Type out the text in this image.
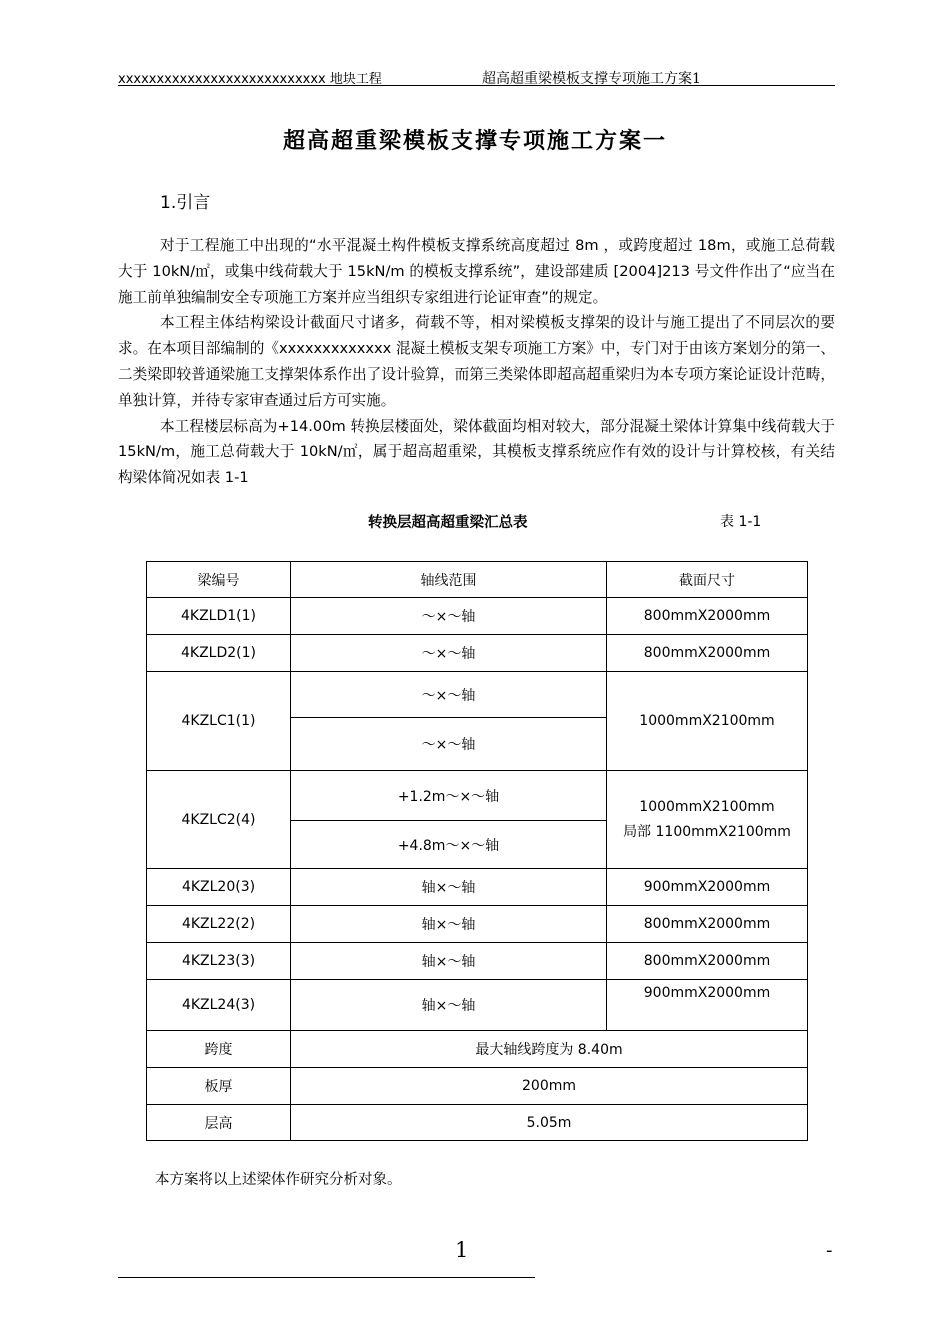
xxxxxxxxxxxxxxxxxxxxxxxxxxx 地块工程	超高超重梁模板支撑专项施工方案1
超高超重梁模板支撑专项施工方案一
1.引言

对于工程施工中出现的“水平混凝土构件模板支撑系统高度超过 8m ，或跨度超过 18m，或施工总荷载大于 10kN/㎡，或集中线荷载大于 15kN/m 的模板支撑系统”，建设部建质 [2004]213 号文件作出了“应当在施工前单独编制安全专项施工方案并应当组织专家组进行论证审查”的规定。

本工程主体结构梁设计截面尺寸诸多，荷载不等，相对梁模板支撑架的设计与施工提出了不同层次的要求。在本项目部编制的《xxxxxxxxxxxxx 混凝土模板支架专项施工方案》中，专门对于由该方案划分的第一、二类梁即较普通梁施工支撑架体系作出了设计验算，而第三类梁体即超高超重梁归为本专项方案论证设计范畴，单独计算，并待专家审查通过后方可实施。

本工程楼层标高为+14.00m 转换层楼面处，梁体截面均相对较大，部分混凝土梁体计算集中线荷载大于 15kN/m，施工总荷载大于 10kN/㎡，属于超高超重梁，其模板支撑系统应作有效的设计与计算校核，有关结构梁体简况如表 1-1

转换层超高超重梁汇总表	表 1-1
梁编号	轴线范围	截面尺寸
4KZLD1(1)	～×～轴	800mmX2000mm
4KZLD2(1)	～×～轴	800mmX2000mm
4KZLC1(1)	～×～轴	1000mmX2100mm
	～×～轴	
4KZLC2(4)	+1.2m～×～轴	1000mmX2100mm
局部 1100mmX2100mm

	+4.8m～×～轴	
4KZL20(3)	轴×～轴	900mmX2000mm
4KZL22(2)	轴×～轴	800mmX2000mm
4KZL23(3)	轴×～轴	800mmX2000mm
4KZL24(3)	轴×～轴	900mmX2000mm
跨度	最大轴线跨度为 8.40m	
板厚	200mm	
层高	5.05m	
本方案将以上述梁体作研究分析对象。
1	-
